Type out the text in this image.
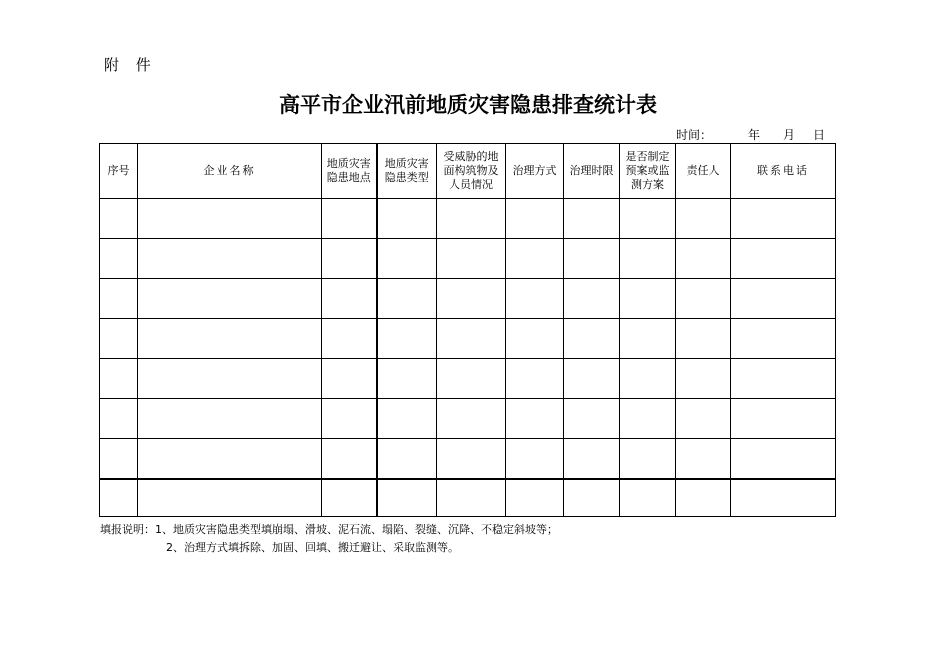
附 件
高平市企业汛前地质灾害隐患排查统计表
时间：	年 月 日
序号	企业名称	地质灾害隐患地点	地质灾害隐患类型	受威胁的地面构筑物及人员情况	治理方式	治理时限	是否制定预案或监测方案	责任人	联系电话

填报说明：1、地质灾害隐患类型填崩塌、滑坡、泥石流、塌陷、裂缝、沉降、不稳定斜坡等；
2、治理方式填拆除、加固、回填、搬迁避让、采取监测等。
